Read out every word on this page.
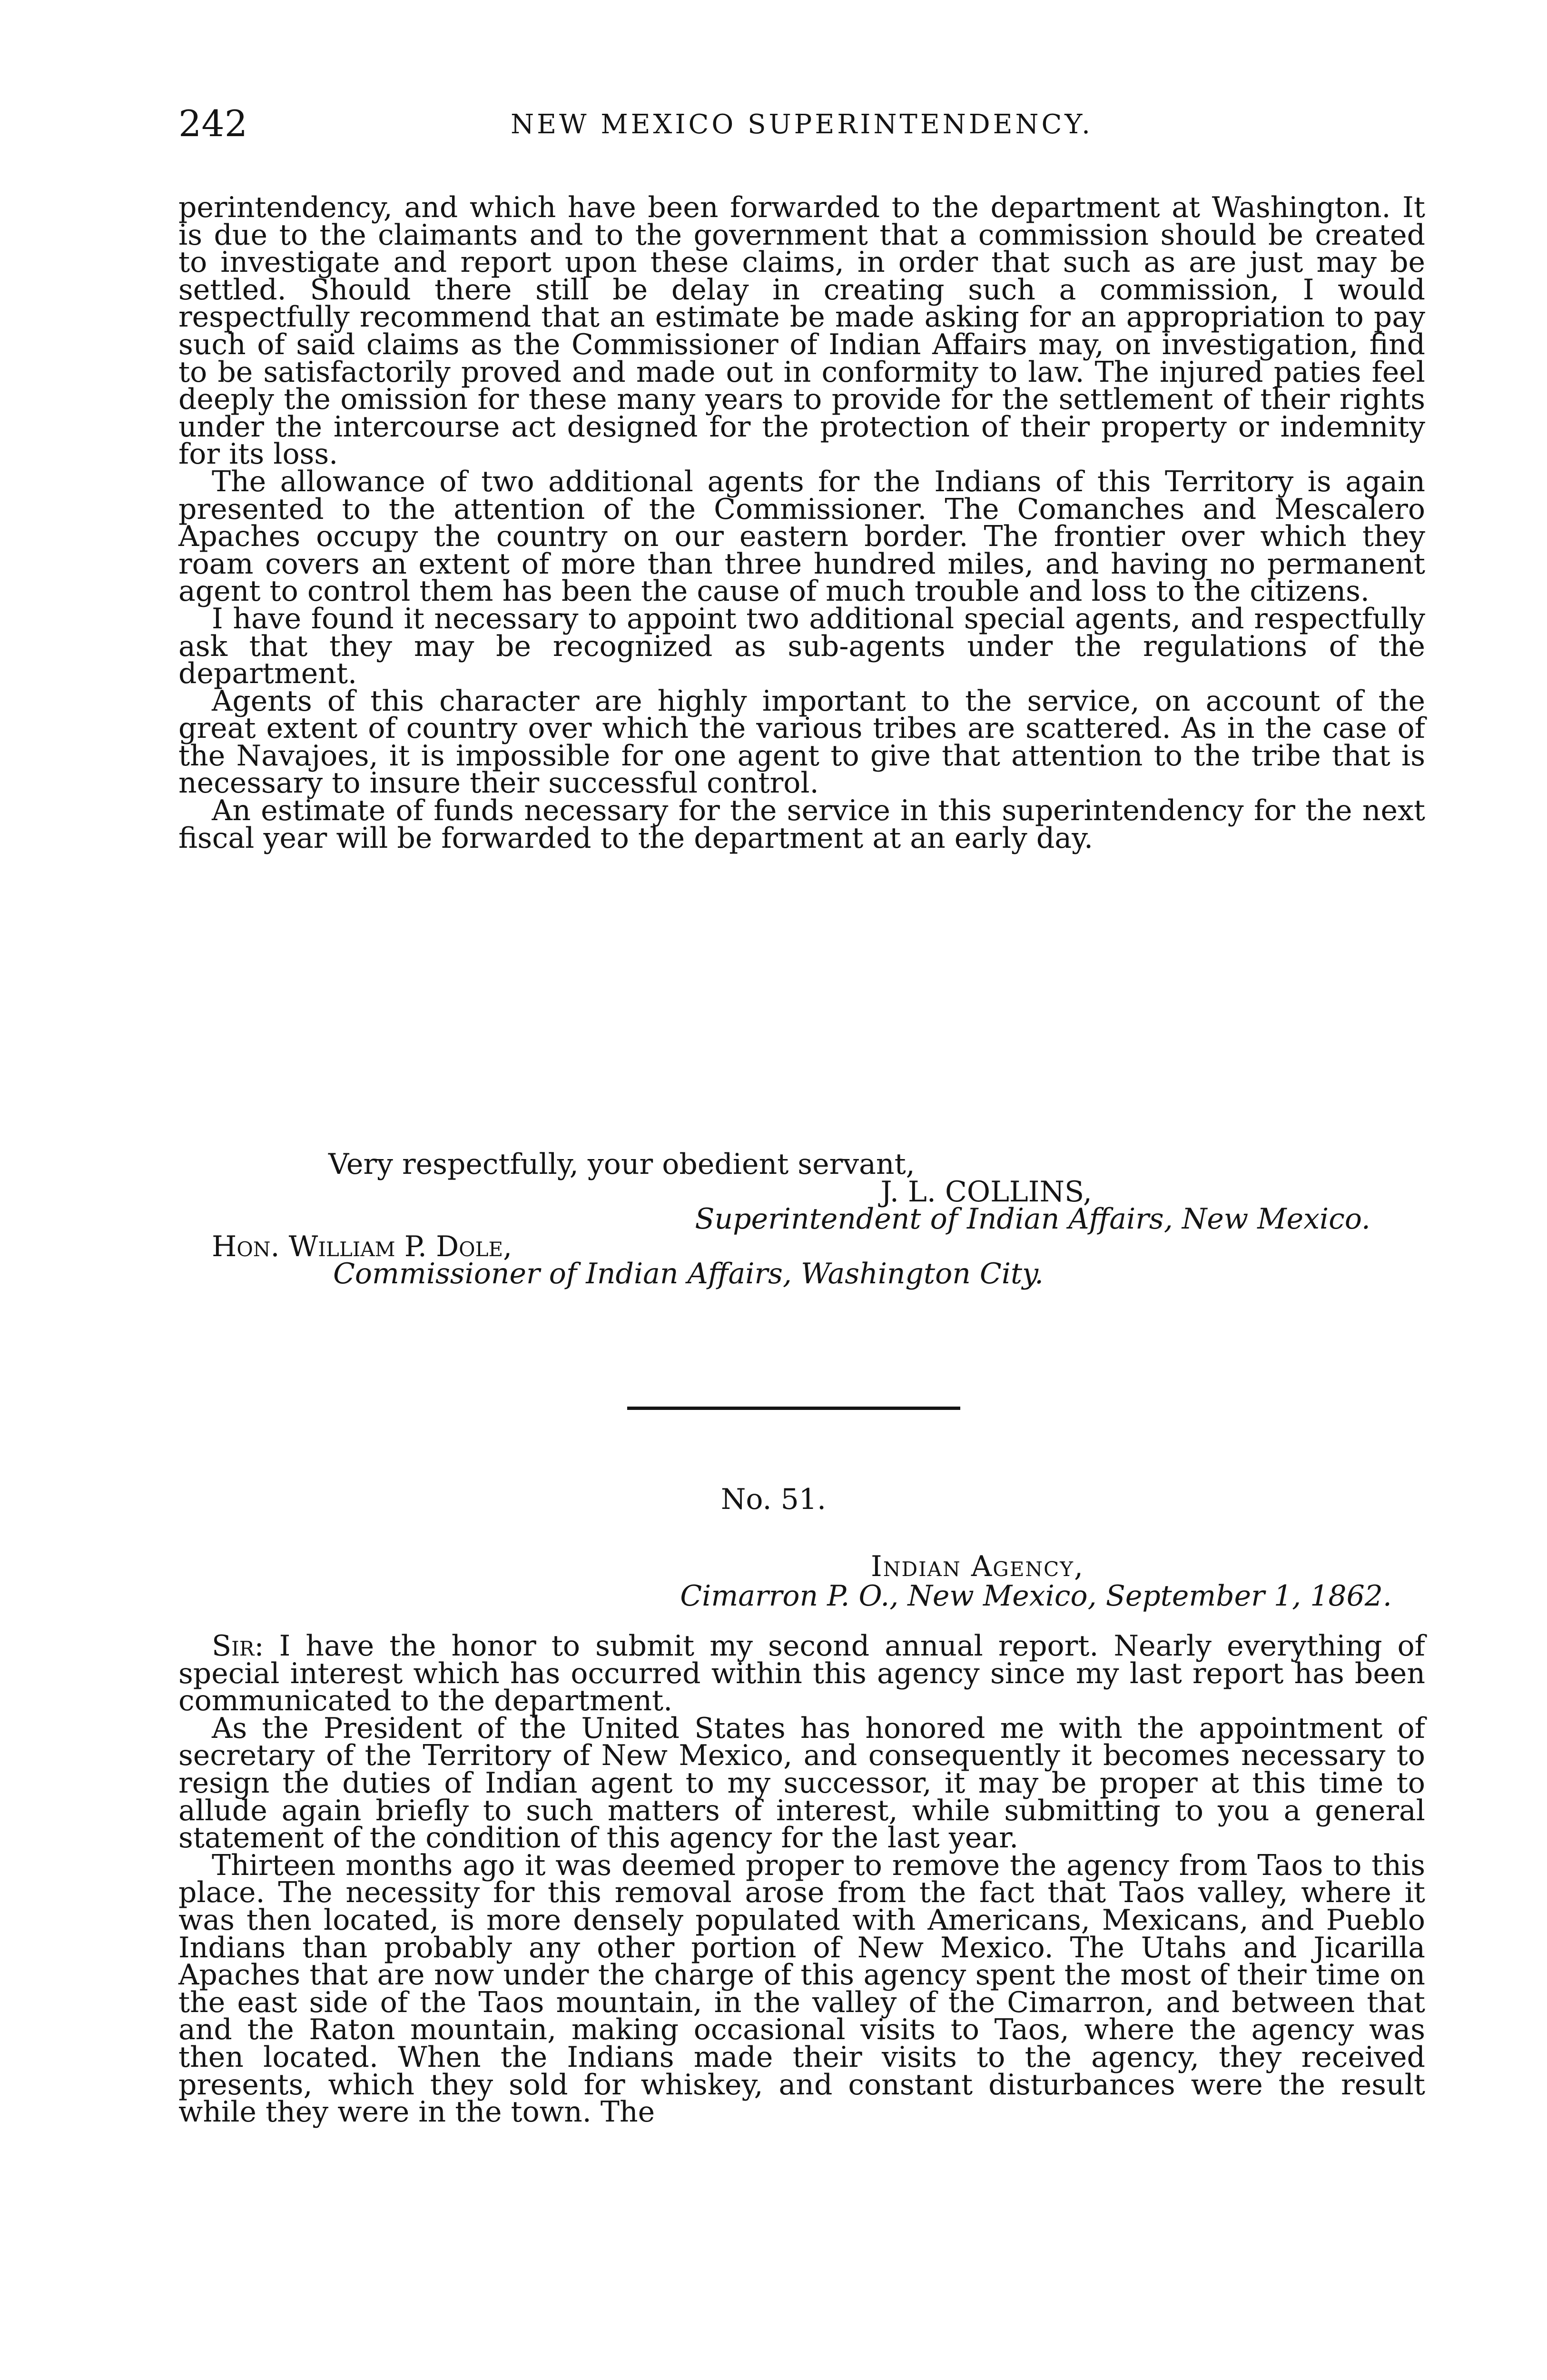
242	NEW MEXICO SUPERINTENDENCY.

perintendency, and which have been forwarded to the department at Washington. It is due to the claimants and to the government that a commission should be created to investigate and report upon these claims, in order that such as are just may be settled. Should there still be delay in creating such a commission, I would respectfully recommend that an estimate be made asking for an appropriation to pay such of said claims as the Commissioner of Indian Affairs may, on investigation, find to be satisfactorily proved and made out in conformity to law. The injured paties feel deeply the omission for these many years to provide for the settlement of their rights under the intercourse act designed for the protection of their property or indemnity for its loss.

The allowance of two additional agents for the Indians of this Territory is again presented to the attention of the Commissioner. The Comanches and Mescalero Apaches occupy the country on our eastern border. The frontier over which they roam covers an extent of more than three hundred miles, and having no permanent agent to control them has been the cause of much trouble and loss to the citizens.

I have found it necessary to appoint two additional special agents, and respectfully ask that they may be recognized as sub-agents under the regulations of the department.

Agents of this character are highly important to the service, on account of the great extent of country over which the various tribes are scattered. As in the case of the Navajoes, it is impossible for one agent to give that attention to the tribe that is necessary to insure their successful control.

An estimate of funds necessary for the service in this superintendency for the next fiscal year will be forwarded to the department at an early day.

Very respectfully, your obedient servant,
J. L. COLLINS,
Superintendent of Indian Affairs, New Mexico.
Hon. William P. Dole,
Commissioner of Indian Affairs, Washington City.
No. 51.
Indian Agency,
Cimarron P. O., New Mexico, September 1, 1862.

Sir: I have the honor to submit my second annual report. Nearly everything of special interest which has occurred within this agency since my last report has been communicated to the department.

As the President of the United States has honored me with the appointment of secretary of the Territory of New Mexico, and consequently it becomes necessary to resign the duties of Indian agent to my successor, it may be proper at this time to allude again briefly to such matters of interest, while submitting to you a general statement of the condition of this agency for the last year.

Thirteen months ago it was deemed proper to remove the agency from Taos to this place. The necessity for this removal arose from the fact that Taos valley, where it was then located, is more densely populated with Americans, Mexicans, and Pueblo Indians than probably any other portion of New Mexico. The Utahs and Jicarilla Apaches that are now under the charge of this agency spent the most of their time on the east side of the Taos mountain, in the valley of the Cimarron, and between that and the Raton mountain, making occasional visits to Taos, where the agency was then located. When the Indians made their visits to the agency, they received presents, which they sold for whiskey, and constant disturbances were the result while they were in the town. The
